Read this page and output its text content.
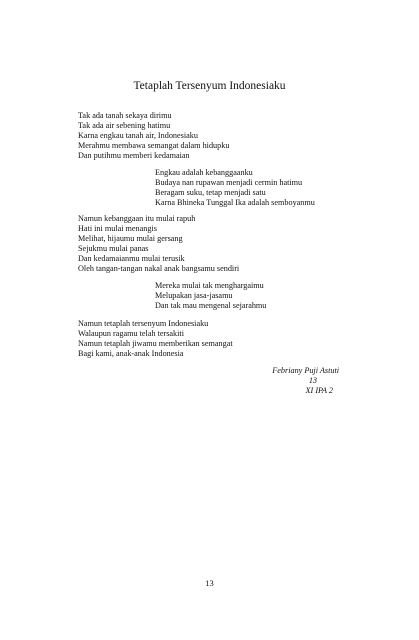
Tetaplah Tersenyum Indonesiaku
Tak ada tanah sekaya dirimu
Tak ada air sebening hatimu
Karna engkau tanah air, Indonesiaku
Merahmu membawa semangat dalam hidupku
Dan putihmu memberi kedamaian
Engkau adalah kebanggaanku
Budaya nan rupawan menjadi cermin hatimu
Beragam suku, tetap menjadi satu
Karna Bhineka Tunggal Ika adalah semboyanmu
Namun kebanggaan itu mulai rapuh
Hati ini mulai menangis
Melihat, hijaumu mulai gersang
Sejukmu mulai panas
Dan kedamaianmu mulai terusik
Oleh tangan-tangan nakal anak bangsamu sendiri
Mereka mulai tak menghargaimu
Melupakan jasa-jasamu
Dan tak mau mengenal sejarahmu
Namun tetaplah tersenyum Indonesiaku
Walaupun ragamu telah tersakiti
Namun tetaplah jiwamu memberikan semangat
Bagi kami, anak-anak Indonesia
Febriany Puji Astuti
13
XI IPA 2
13
